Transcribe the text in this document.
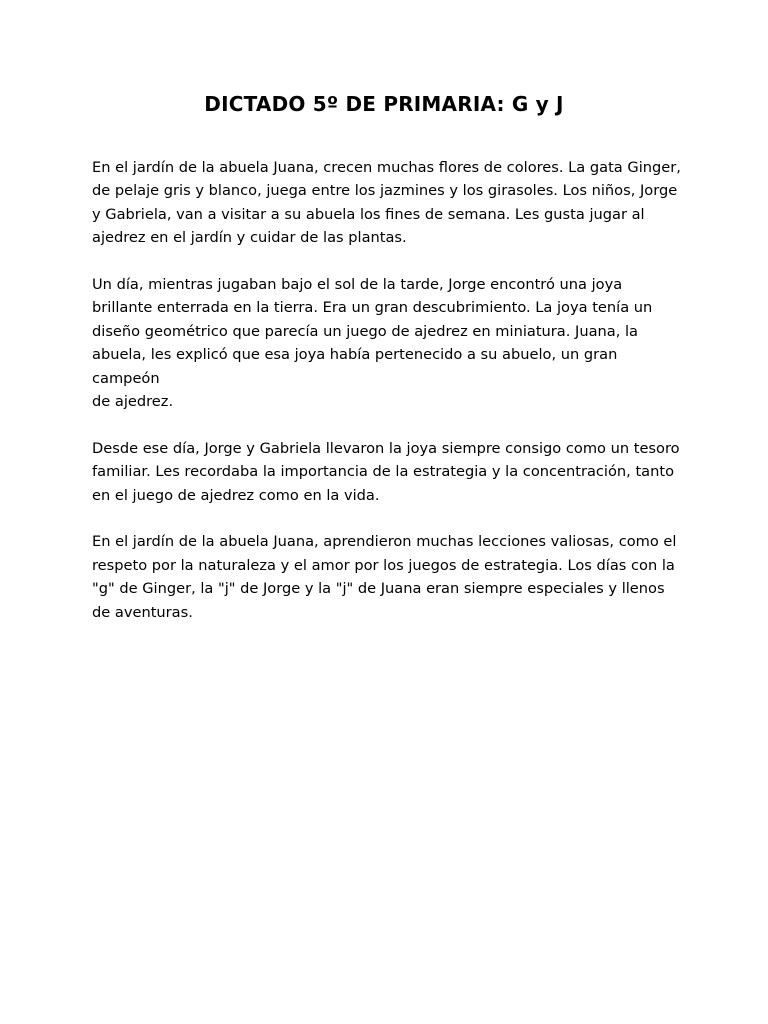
DICTADO 5º DE PRIMARIA: G y J

En el jardín de la abuela Juana, crecen muchas flores de colores. La gata Ginger,
de pelaje gris y blanco, juega entre los jazmines y los girasoles. Los niños, Jorge
y Gabriela, van a visitar a su abuela los fines de semana. Les gusta jugar al
ajedrez en el jardín y cuidar de las plantas.

Un día, mientras jugaban bajo el sol de la tarde, Jorge encontró una joya
brillante enterrada en la tierra. Era un gran descubrimiento. La joya tenía un
diseño geométrico que parecía un juego de ajedrez en miniatura. Juana, la
abuela, les explicó que esa joya había pertenecido a su abuelo, un gran campeón
de ajedrez.

Desde ese día, Jorge y Gabriela llevaron la joya siempre consigo como un tesoro
familiar. Les recordaba la importancia de la estrategia y la concentración, tanto
en el juego de ajedrez como en la vida.

En el jardín de la abuela Juana, aprendieron muchas lecciones valiosas, como el
respeto por la naturaleza y el amor por los juegos de estrategia. Los días con la
"g" de Ginger, la "j" de Jorge y la "j" de Juana eran siempre especiales y llenos
de aventuras.
